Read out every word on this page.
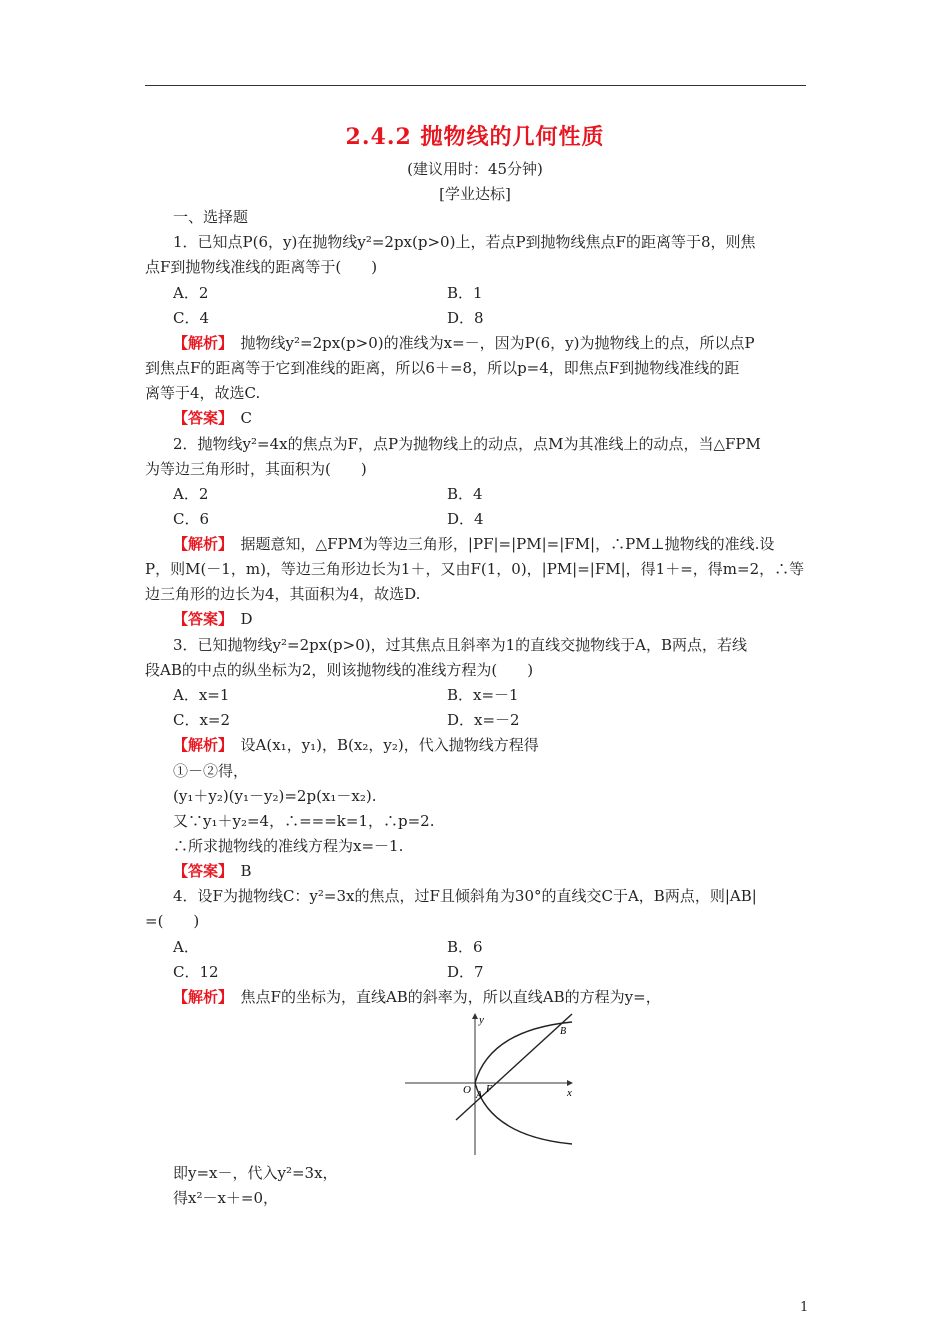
2.4.2 抛物线的几何性质
(建议用时：45分钟)
[学业达标]
一、选择题
1．已知点P(6，y)在抛物线y²=2px(p>0)上，若点P到抛物线焦点F的距离等于8，则焦
点F到抛物线准线的距离等于(　　)
A．2	B．1
C．4	D．8
【解析】　 抛物线y²=2px(p>0)的准线为x=－，因为P(6，y)为抛物线上的点，所以点P
到焦点F的距离等于它到准线的距离，所以6＋=8，所以p=4，即焦点F到抛物线准线的距
离等于4，故选C.
【答案】　 C
2．抛物线y²=4x的焦点为F，点P为抛物线上的动点，点M为其准线上的动点，当△FPM
为等边三角形时，其面积为(　　)
A．2	B．4
C．6	D．4
【解析】　 据题意知，△FPM为等边三角形，|PF|=|PM|=|FM|，∴PM⊥抛物线的准线.设
P，则M(－1，m)，等边三角形边长为1＋，又由F(1，0)，|PM|=|FM|，得1＋=，得m=2，∴等
边三角形的边长为4，其面积为4，故选D.
【答案】　 D
3．已知抛物线y²=2px(p>0)，过其焦点且斜率为1的直线交抛物线于A，B两点，若线
段AB的中点的纵坐标为2，则该抛物线的准线方程为(　　)
A．x=1	B．x=－1
C．x=2	D．x=－2
【解析】　 设A(x₁，y₁)，B(x₂，y₂)，代入抛物线方程得
①－②得，
(y₁＋y₂)(y₁－y₂)=2p(x₁－x₂).
又∵y₁＋y₂=4，∴===k=1，∴p=2.
∴所求抛物线的准线方程为x=－1.
【答案】　 B
4．设F为抛物线C：y²=3x的焦点，过F且倾斜角为30°的直线交C于A，B两点，则|AB|
=(　　)
A．	B．6
C．12	D．7
【解析】　 焦点F的坐标为，直线AB的斜率为，所以直线AB的方程为y=，
y
x
O A
F
B
即y=x－，代入y²=3x，
得x²－x＋=0，
1
